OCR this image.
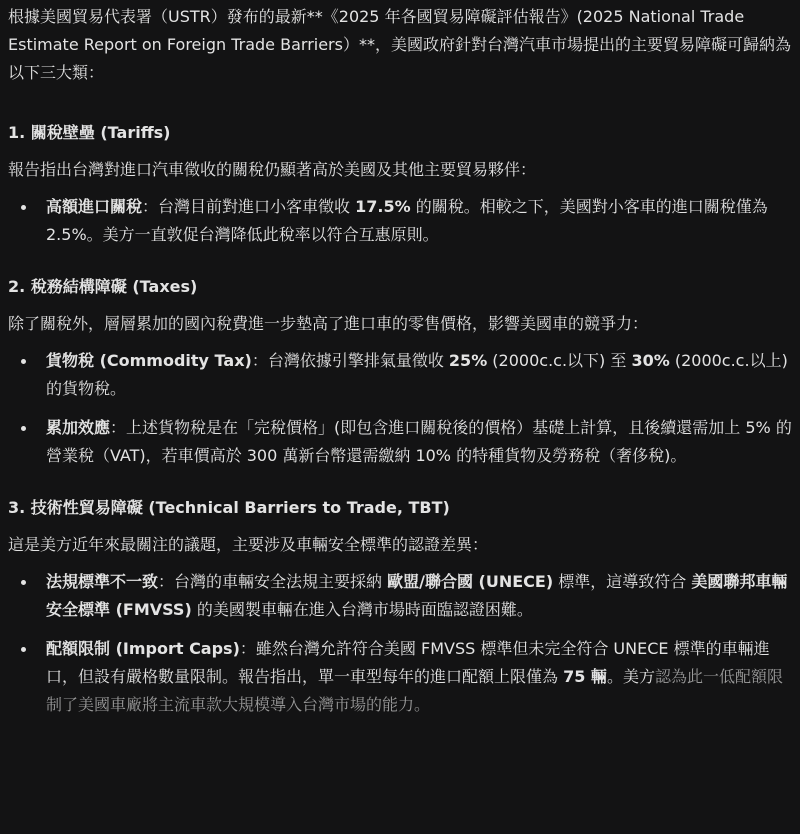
根據美國貿易代表署（USTR）發布的最新**《2025 年各國貿易障礙評估報告》(2025 National Trade Estimate Report on Foreign Trade Barriers）**，美國政府針對台灣汽車市場提出的主要貿易障礙可歸納為以下三大類：

1. 關稅壁壘 (Tariffs)

報告指出台灣對進口汽車徵收的關稅仍顯著高於美國及其他主要貿易夥伴：

高額進口關稅：台灣目前對進口小客車徵收 17.5% 的關稅。相較之下，美國對小客車的進口關稅僅為 2.5%。美方一直敦促台灣降低此稅率以符合互惠原則。
2. 稅務結構障礙 (Taxes)

除了關稅外，層層累加的國內稅費進一步墊高了進口車的零售價格，影響美國車的競爭力：

貨物稅 (Commodity Tax)：台灣依據引擎排氣量徵收 25% (2000c.c.以下) 至 30% (2000c.c.以上) 的貨物稅。
累加效應：上述貨物稅是在「完稅價格」(即包含進口關稅後的價格）基礎上計算，且後續還需加上 5% 的營業稅（VAT)，若車價高於 300 萬新台幣還需繳納 10% 的特種貨物及勞務稅（奢侈稅)。
3. 技術性貿易障礙 (Technical Barriers to Trade, TBT)

這是美方近年來最關注的議題，主要涉及車輛安全標準的認證差異：

法規標準不一致：台灣的車輛安全法規主要採納 歐盟/聯合國 (UNECE) 標準，這導致符合 美國聯邦車輛安全標準 (FMVSS) 的美國製車輛在進入台灣市場時面臨認證困難。
配額限制 (Import Caps)：雖然台灣允許符合美國 FMVSS 標準但未完全符合 UNECE 標準的車輛進口，但設有嚴格數量限制。報告指出，單一車型每年的進口配額上限僅為 75 輛。美方認為此一低配額限制了美國車廠將主流車款大規模導入台灣市場的能力。
